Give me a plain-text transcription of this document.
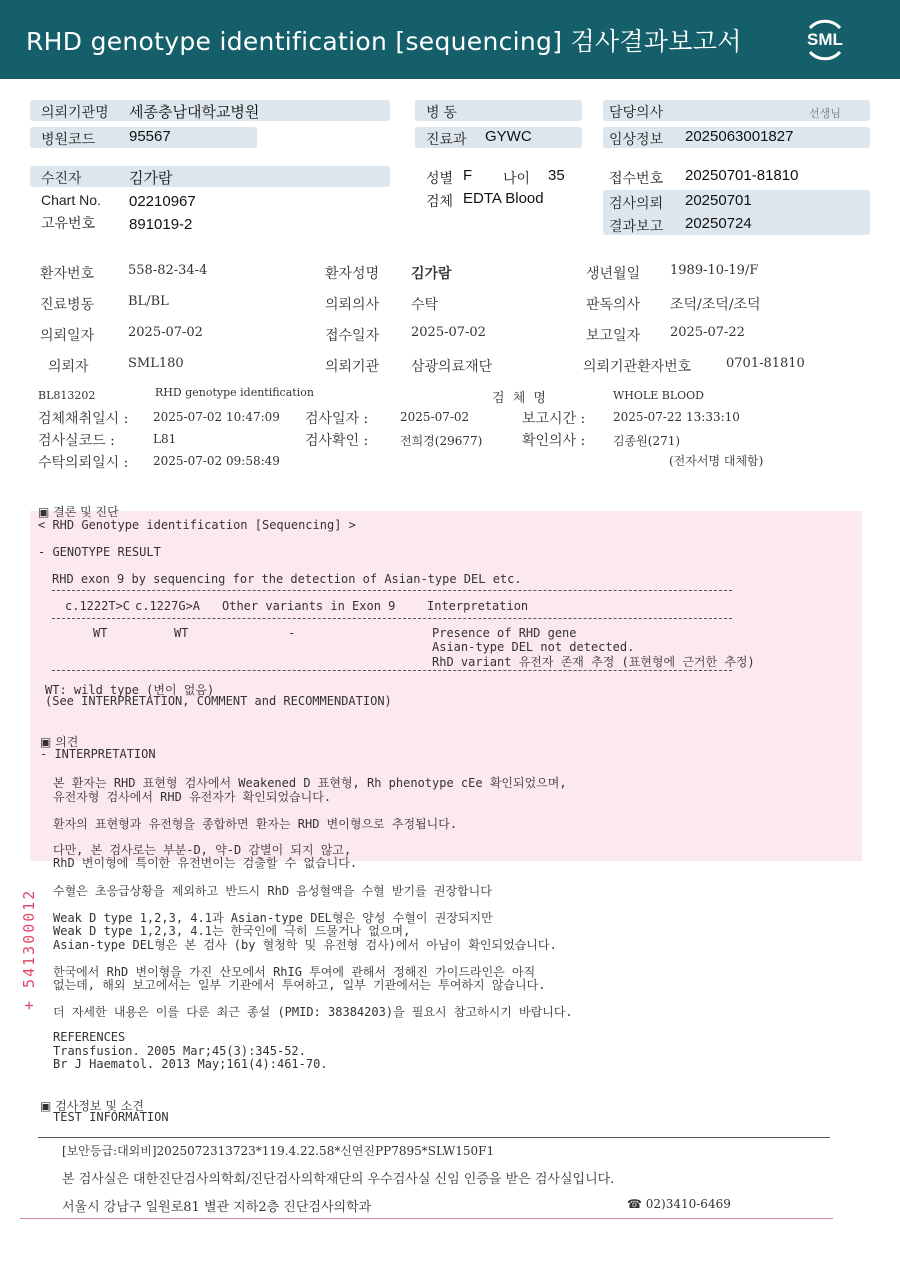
RHD genotype identification [sequencing] 검사결과보고서	SML
의뢰기관명 세종충남대학교병원
병원코드 95567
병 동
진료과 GYWC
담당의사	선생님
임상정보 2025063001827
수진자	김가람
Chart No. 02210967
고유번호 891019-2
성별 F 나이 35
검체 EDTA Blood
접수번호 20250701-81810
검사의뢰 20250701
결과보고 20250724
환자번호	558-82-34-4	환자성명 김가람	생년월일 1989-10-19/F
진료병동	BL/BL	의뢰의사 수탁	판독의사 조덕/조덕/조덕
의뢰일자	2025-07-02	접수일자 2025-07-02	보고일자 2025-07-22
의뢰자	SML180	의뢰기관 삼광의료재단	의뢰기관환자번호	0701-81810
BL813202	RHD genotype identification	검 체 명	WHOLE BLOOD
검체채취일시 : 2025-07-02 10:47:09 검사일자 :	2025-07-02	보고시간 : 2025-07-22 13:33:10
검사실코드 :	L81	검사확인 :	전희경(29677)	확인의사 : 김종원(271)
수탁의뢰일시 : 2025-07-02 09:58:49	(전자서명 대체함)
▣ 결론 및 진단
< RHD Genotype identification [Sequencing] >
- GENOTYPE RESULT
RHD exon 9 by sequencing for the detection of Asian-type DEL etc.
c.1222T>C c.1227G>A Other variants in Exon 9	Interpretation
WT	WT	-	Presence of RHD gene
Asian-type DEL not detected.
RhD variant 유전자 존재 추정 (표현형에 근거한 추정)
WT: wild type (변이 없음)
(See INTERPRETATION, COMMENT and RECOMMENDATION)
▣ 의견
- INTERPRETATION
본 환자는 RHD 표현형 검사에서 Weakened D 표현형, Rh phenotype cEe 확인되었으며,
유전자형 검사에서 RHD 유전자가 확인되었습니다.
환자의 표현형과 유전형을 종합하면 환자는 RHD 변이형으로 추정됩니다.
다만, 본 검사로는 부분-D, 약-D 감별이 되지 않고,
RhD 변이형에 특이한 유전변이는 검출할 수 없습니다.
수혈은 초응급상황을 제외하고 반드시 RhD 음성혈액을 수혈 받기를 권장합니다
Weak D type 1,2,3, 4.1과 Asian-type DEL형은 양성 수혈이 권장되지만
Weak D type 1,2,3, 4.1는 한국인에 극히 드물거나 없으며,
Asian-type DEL형은 본 검사 (by 혈청학 및 유전형 검사)에서 아님이 확인되었습니다.
한국에서 RhD 변이형을 가진 산모에서 RhIG 투여에 관해서 정해진 가이드라인은 아직
없는데, 해외 보고에서는 일부 기관에서 투여하고, 일부 기관에서는 투여하지 않습니다.
더 자세한 내용은 이를 다룬 최근 종설 (PMID: 38384203)을 필요시 참고하시기 바랍니다.
REFERENCES
Transfusion. 2005 Mar;45(3):345-52.
Br J Haematol. 2013 May;161(4):461-70.
▣ 검사정보 및 소견
TEST INFORMATION
[보안등급:대외비]2025072313723*119.4.22.58*신연진PP7895*SLW150F1
본 검사실은 대한진단검사의학회/진단검사의학재단의 우수검사실 신임 인증을 받은 검사실입니다.
서울시 강남구 일원로81 별관 지하2층 진단검사의학과	☎ 02)3410-6469
+ 541300012
